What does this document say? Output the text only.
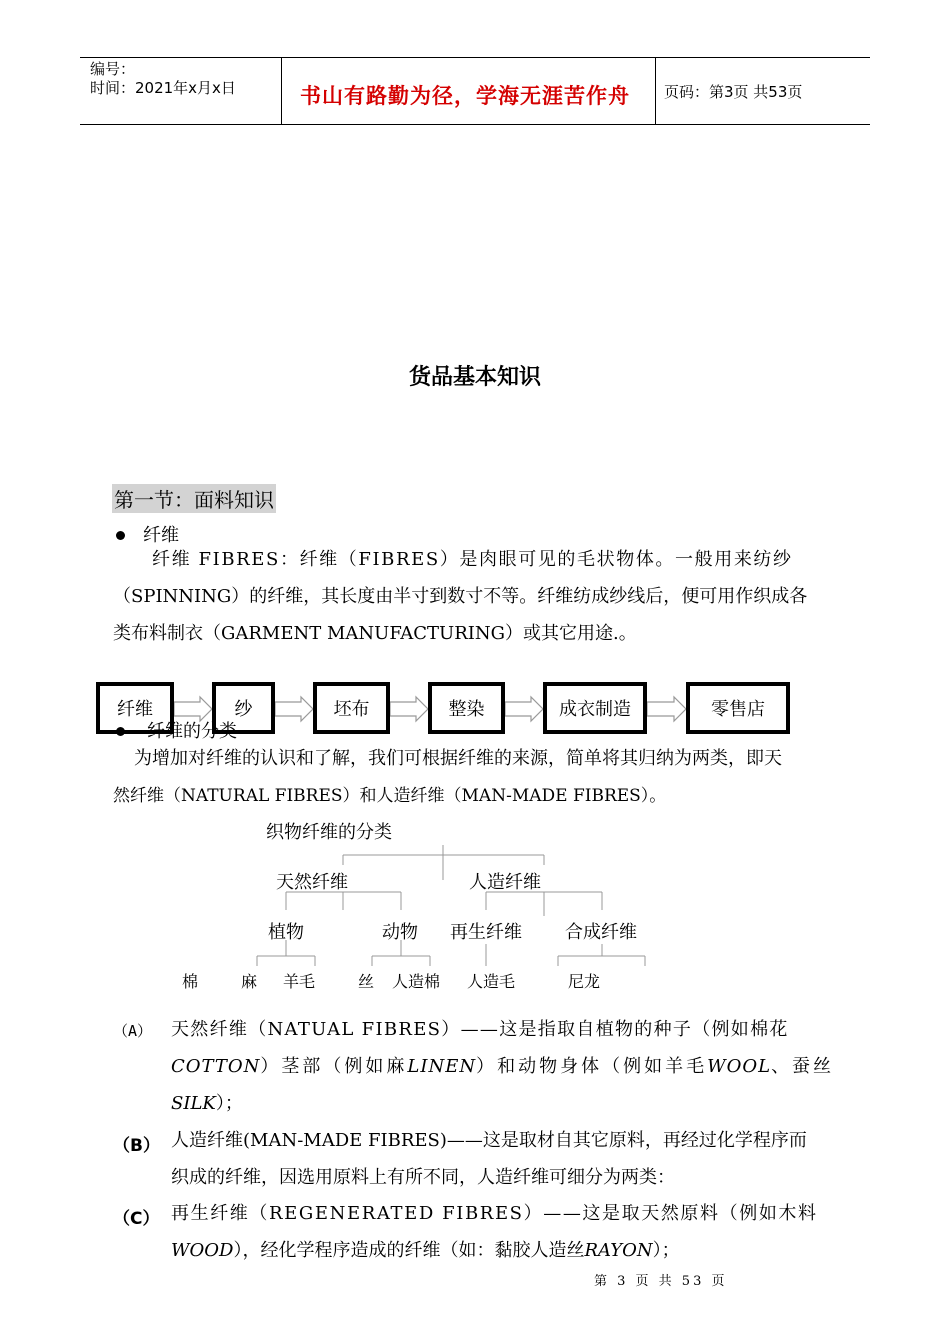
编号：
时间：2021年x月x日	书山有路勤为径，学海无涯苦作舟 页码：第3页 共53页
货品基本知识
第一节：面料知识
纤维
纤维 FIBRES：纤维（FIBRES）是肉眼可见的毛状物体。一般用来纺纱
（SPINNING）的纤维，其长度由半寸到数寸不等。纤维纺成纱线后，便可用作织成各
类布料制衣（GARMENT MANUFACTURING）或其它用途.。
纤维	纱	坯布	整染	成衣制造	零售店
纤维的分类
为增加对纤维的认识和了解，我们可根据纤维的来源，简单将其归纳为两类，即天
然纤维（NATURAL FIBRES）和人造纤维（MAN-MADE FIBRES）。
织物纤维的分类
天然纤维	人造纤维
植物	动物 再生纤维 合成纤维
棉	麻 羊毛	丝 人造棉 人造毛	尼龙
（A） 天然纤维（NATUAL FIBRES）——这是指取自植物的种子（例如棉花
COTTON）茎部（例如麻LINEN）和动物身体（例如羊毛WOOL、蚕丝
SILK）；
（B） 人造纤维(MAN-MADE FIBRES)——这是取材自其它原料，再经过化学程序而
织成的纤维，因选用原料上有所不同，人造纤维可细分为两类：
（C） 再生纤维（REGENERATED FIBRES）——这是取天然原料（例如木料
WOOD），经化学程序造成的纤维（如：黏胶人造丝RAYON）；
第 3 页 共 53 页
